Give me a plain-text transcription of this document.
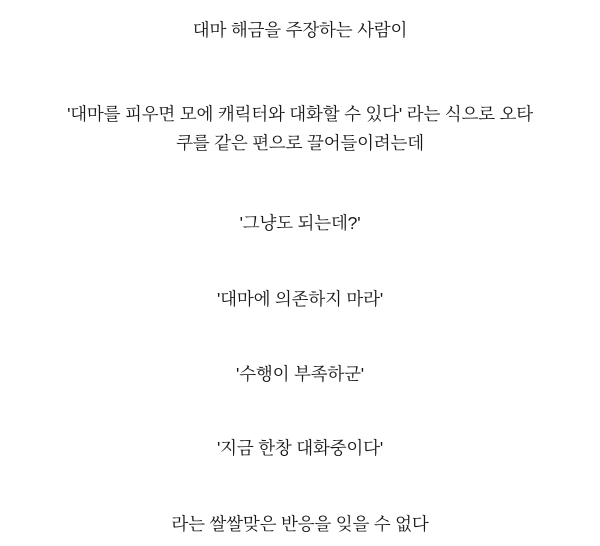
대마 해금을 주장하는 사람이
'대마를 피우면 모에 캐릭터와 대화할 수 있다' 라는 식으로 오타
쿠를 같은 편으로 끌어들이려는데
'그냥도 되는데?'
'대마에 의존하지 마라'
'수행이 부족하군'
'지금 한창 대화중이다'
라는 쌀쌀맞은 반응을 잊을 수 없다
